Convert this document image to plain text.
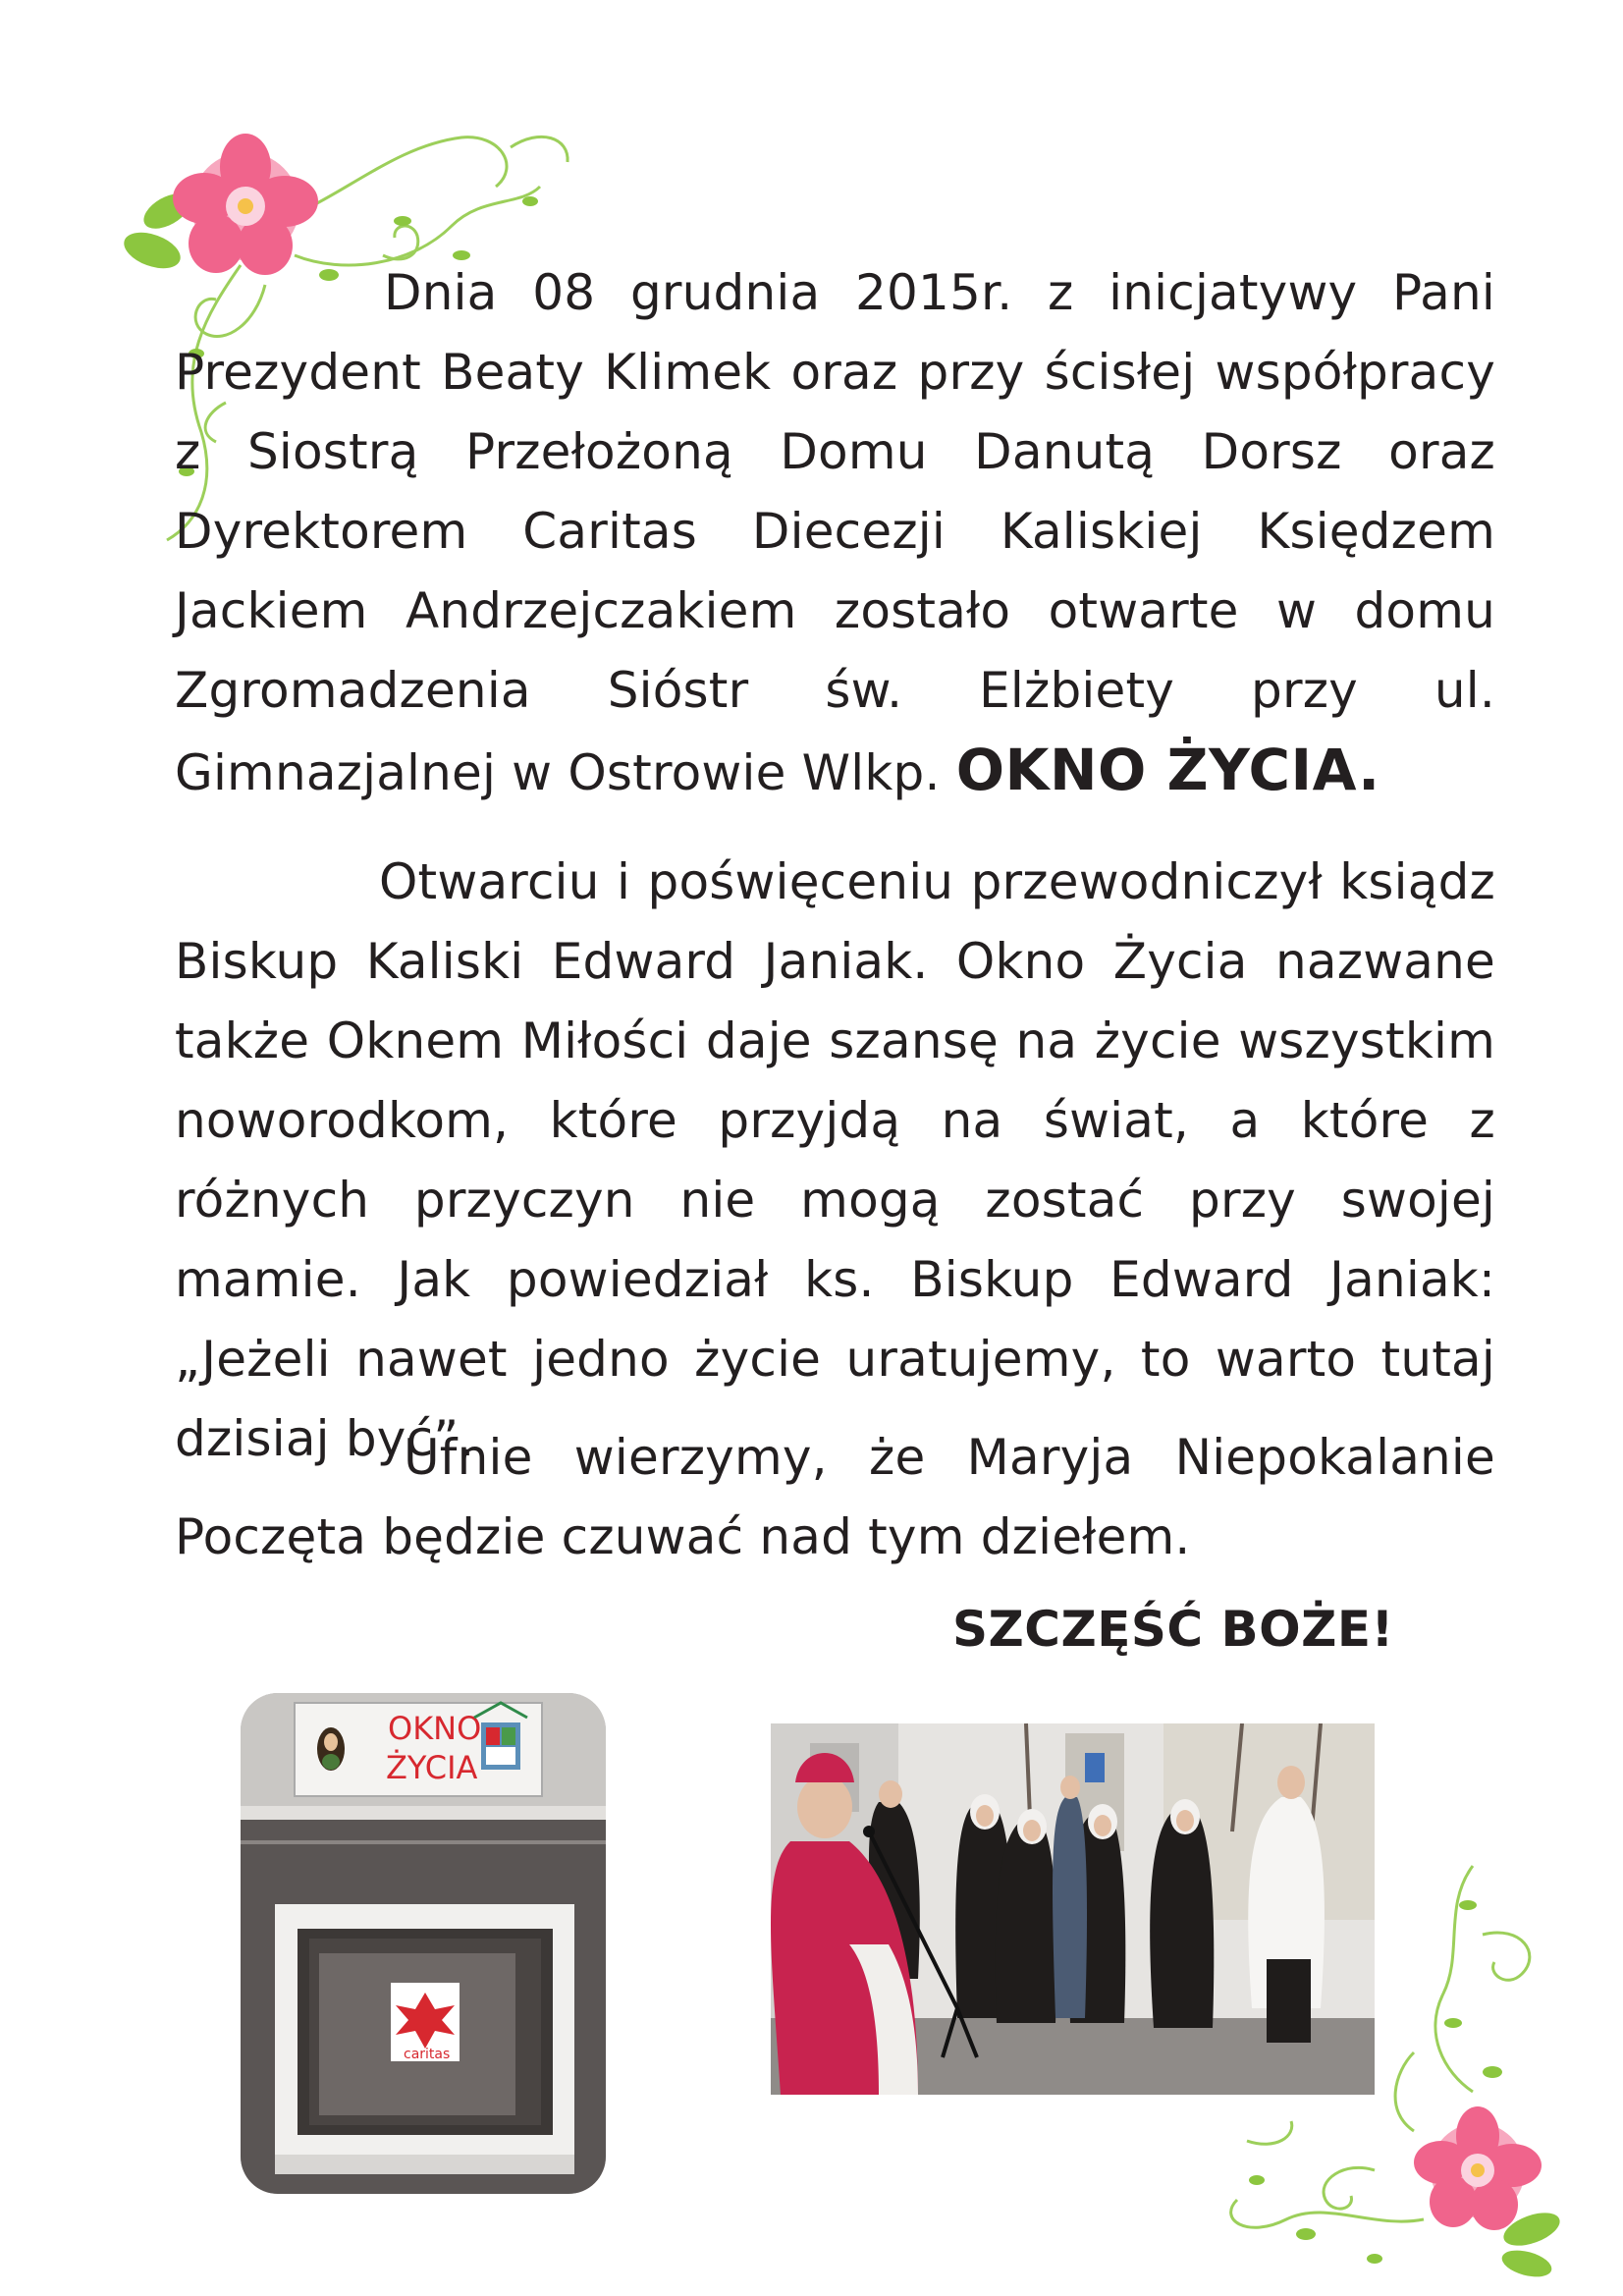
Dnia 08 grudnia 2015r. z inicjatywy Pani Prezydent Beaty Klimek oraz przy ścisłej współpracy z Siostrą Przełożoną Domu Danutą Dorsz oraz Dyrektorem Caritas Diecezji Kaliskiej Księdzem Jackiem Andrzejczakiem zostało otwarte w domu Zgromadzenia Sióstr św. Elżbiety przy ul. Gimnazjalnej w Ostrowie Wlkp. OKNO ŻYCIA.

Otwarciu i poświęceniu przewodniczył ksiądz Biskup Kaliski Edward Janiak. Okno Życia nazwane także Oknem Miłości daje szansę na życie wszystkim noworodkom, które przyjdą na świat, a które z różnych przyczyn nie mogą zostać przy swojej mamie. Jak powiedział ks. Biskup Edward Janiak: „Jeżeli nawet jedno życie uratujemy, to warto tutaj dzisiaj być”.

Ufnie wierzymy, że Maryja Niepokalanie Poczęta będzie czuwać nad tym dziełem.

SZCZĘŚĆ BOŻE!
OKNO
ŻYCIA
caritas
